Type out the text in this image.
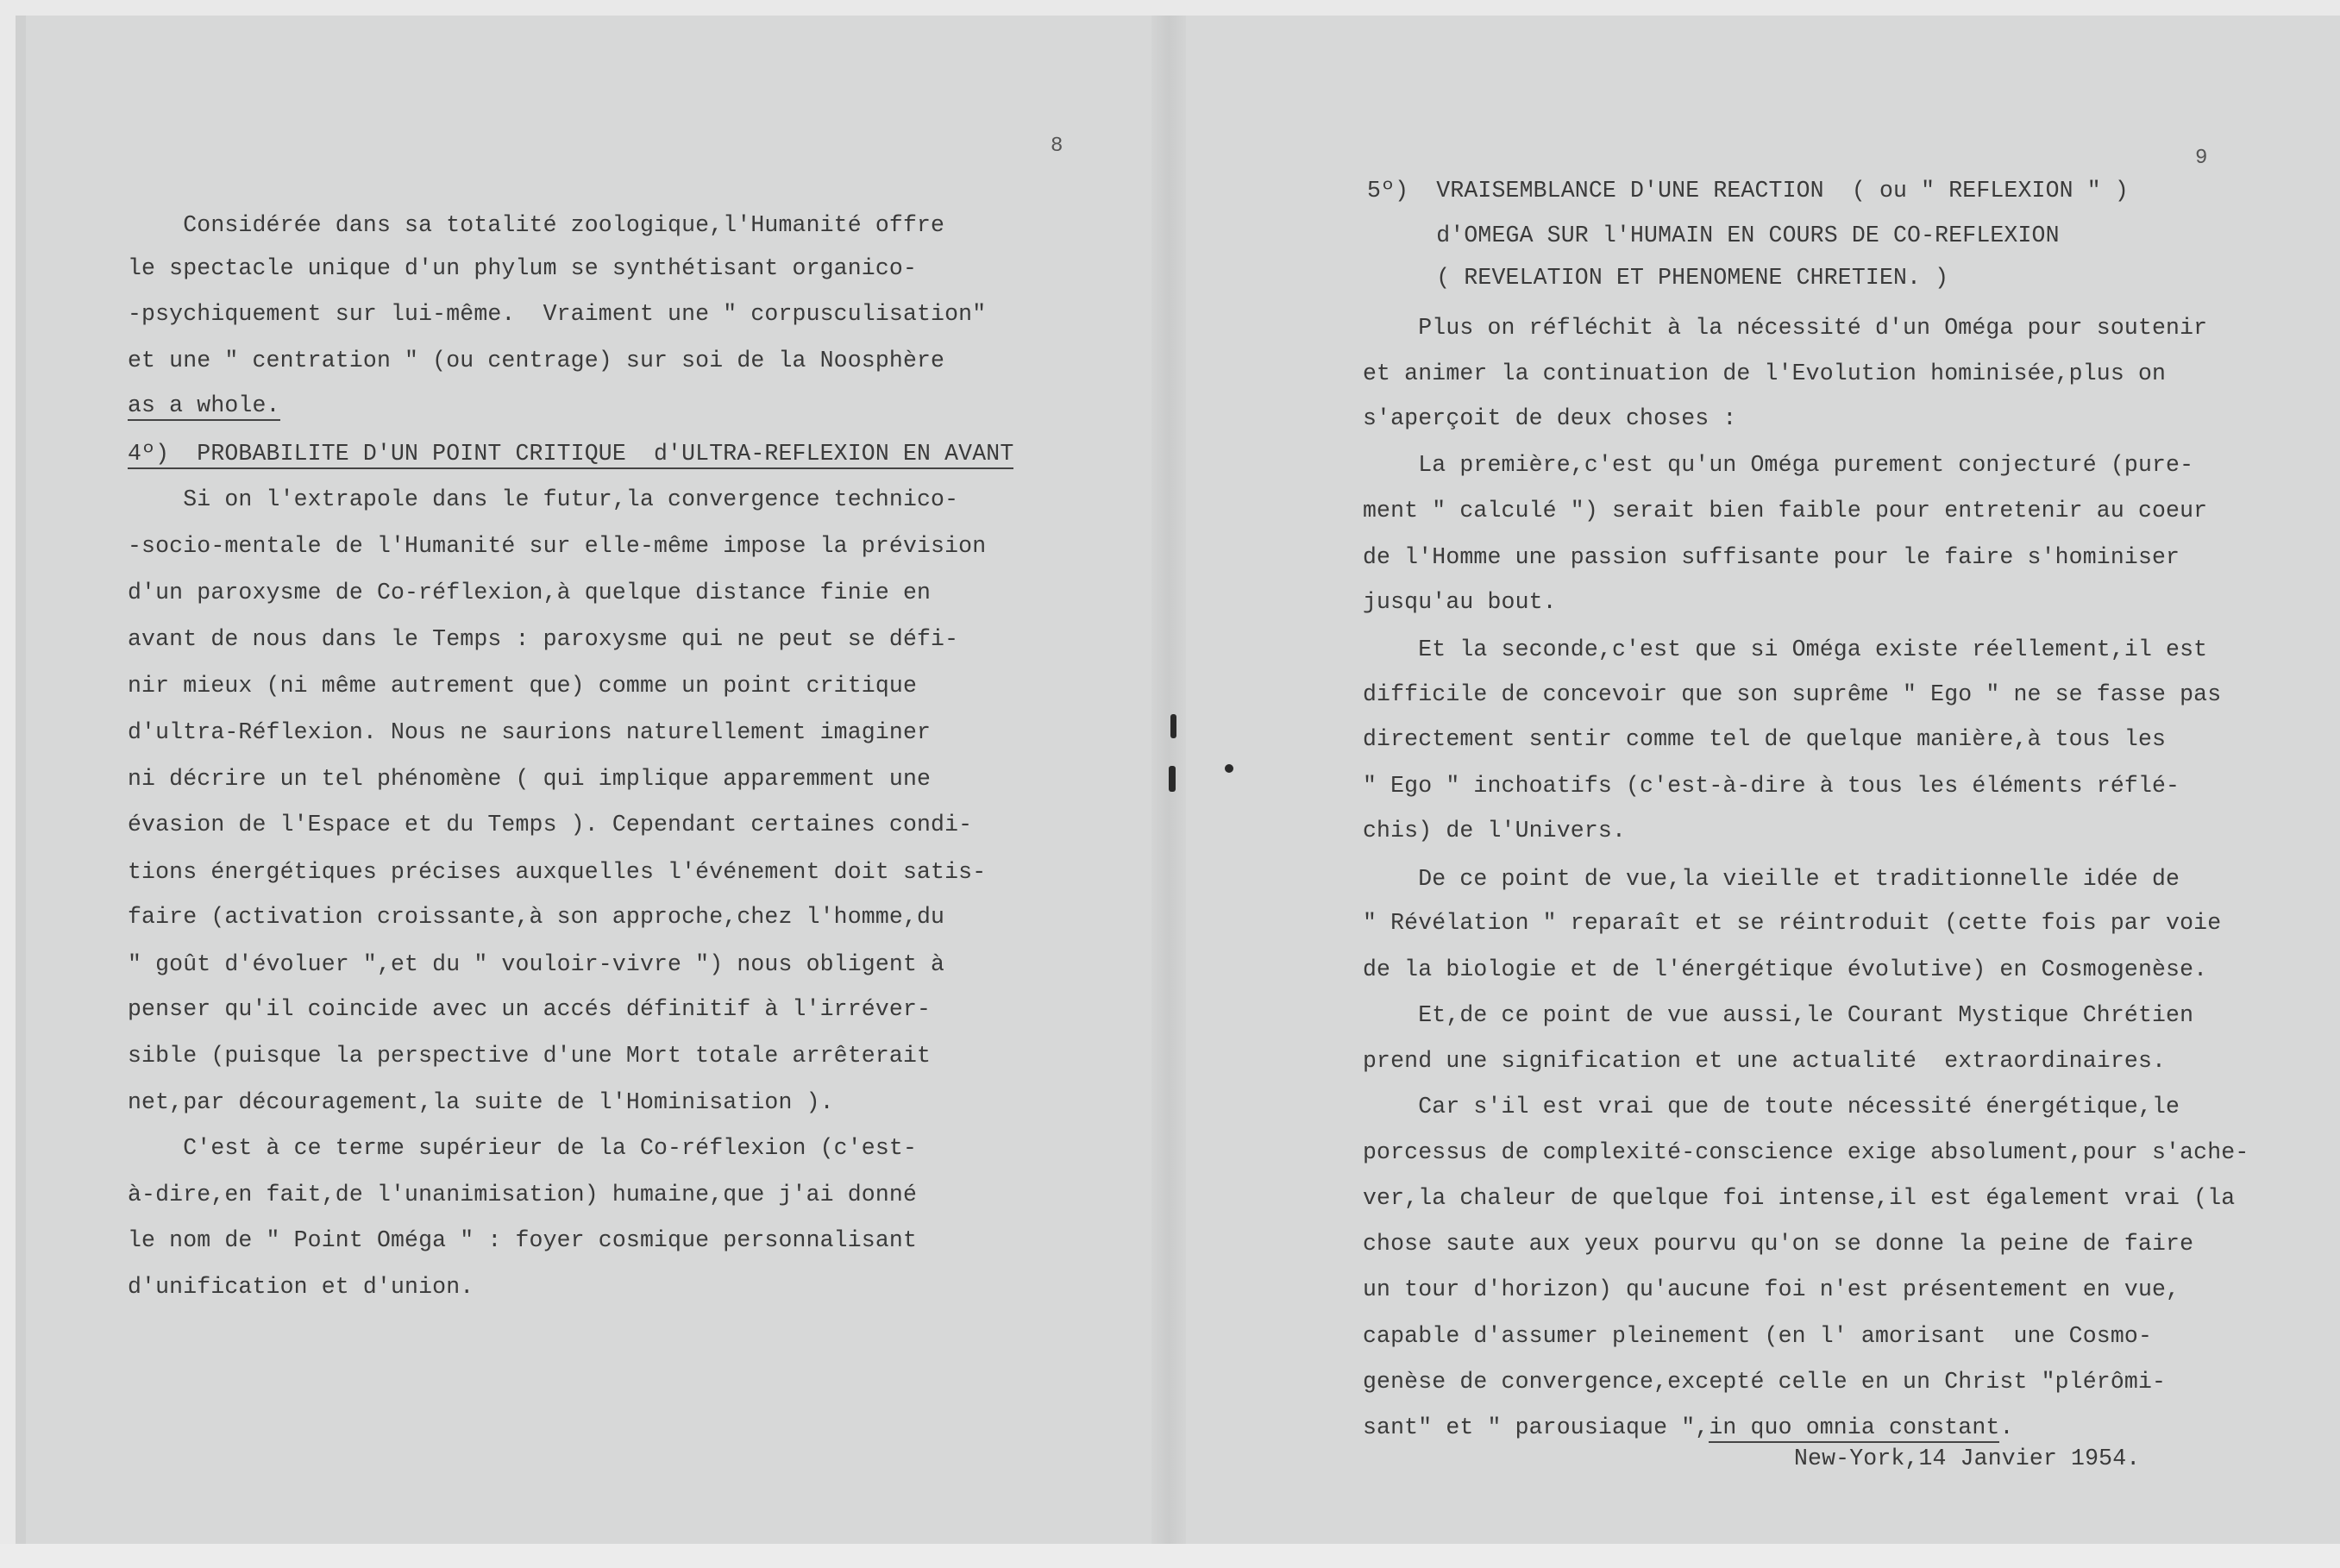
8
Considérée dans sa totalité zoologique,l'Humanité offre
le spectacle unique d'un phylum se synthétisant organico-
-psychiquement sur lui-même.  Vraiment une " corpusculisation"
et une " centration " (ou centrage) sur soi de la Noosphère
as a whole.
4º)  PROBABILITE D'UN POINT CRITIQUE  d'ULTRA-REFLEXION EN AVANT
Si on l'extrapole dans le futur,la convergence technico-
-socio-mentale de l'Humanité sur elle-même impose la prévision
d'un paroxysme de Co-réflexion,à quelque distance finie en
avant de nous dans le Temps : paroxysme qui ne peut se défi-
nir mieux (ni même autrement que) comme un point critique
d'ultra-Réflexion. Nous ne saurions naturellement imaginer
ni décrire un tel phénomène ( qui implique apparemment une
évasion de l'Espace et du Temps ). Cependant certaines condi-
tions énergétiques précises auxquelles l'événement doit satis-
faire (activation croissante,à son approche,chez l'homme,du
" goût d'évoluer ",et du " vouloir-vivre ") nous obligent à
penser qu'il coincide avec un accés définitif à l'irréver-
sible (puisque la perspective d'une Mort totale arrêterait
net,par découragement,la suite de l'Hominisation ).
C'est à ce terme supérieur de la Co-réflexion (c'est-
à-dire,en fait,de l'unanimisation) humaine,que j'ai donné
le nom de " Point Oméga " : foyer cosmique personnalisant
d'unification et d'union.
9
5º)  VRAISEMBLANCE D'UNE REACTION  ( ou " REFLEXION " )
d'OMEGA SUR l'HUMAIN EN COURS DE CO-REFLEXION
( REVELATION ET PHENOMENE CHRETIEN. )
Plus on réfléchit à la nécessité d'un Oméga pour soutenir
et animer la continuation de l'Evolution hominisée,plus on
s'aperçoit de deux choses :
La première,c'est qu'un Oméga purement conjecturé (pure-
ment " calculé ") serait bien faible pour entretenir au coeur
de l'Homme une passion suffisante pour le faire s'hominiser
jusqu'au bout.
Et la seconde,c'est que si Oméga existe réellement,il est
difficile de concevoir que son suprême " Ego " ne se fasse pas
directement sentir comme tel de quelque manière,à tous les
" Ego " inchoatifs (c'est-à-dire à tous les éléments réflé-
chis) de l'Univers.
De ce point de vue,la vieille et traditionnelle idée de
" Révélation " reparaît et se réintroduit (cette fois par voie
de la biologie et de l'énergétique évolutive) en Cosmogenèse.
Et,de ce point de vue aussi,le Courant Mystique Chrétien
prend une signification et une actualité  extraordinaires.
Car s'il est vrai que de toute nécessité énergétique,le
porcessus de complexité-conscience exige absolument,pour s'ache-
ver,la chaleur de quelque foi intense,il est également vrai (la
chose saute aux yeux pourvu qu'on se donne la peine de faire
un tour d'horizon) qu'aucune foi n'est présentement en vue,
capable d'assumer pleinement (en l' amorisant  une Cosmo-
genèse de convergence,excepté celle en un Christ "plérômi-
sant" et " parousiaque ",in quo omnia constant.
New-York,14 Janvier 1954.
